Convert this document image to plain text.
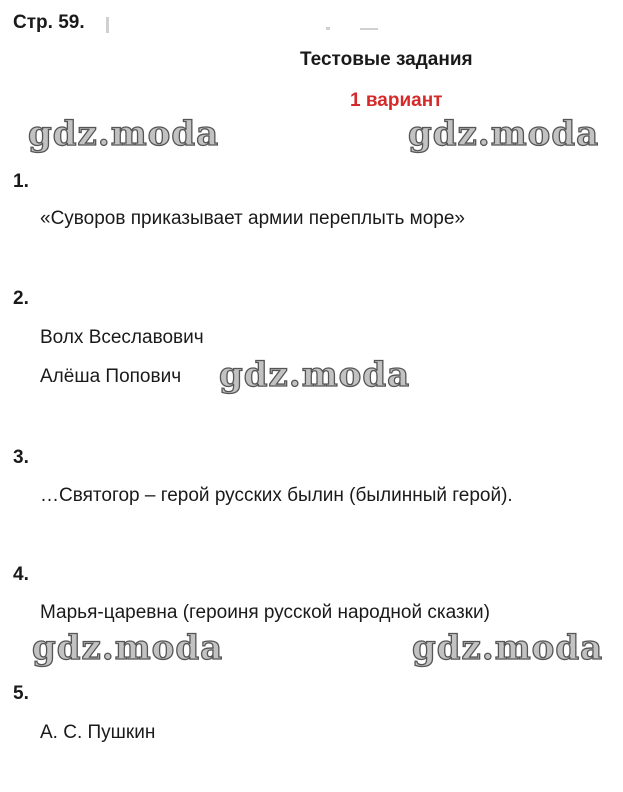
Стр. 59.
Тестовые задания
1 вариант
gdz.moda	gdz.moda
gdz.moda
gdz.moda	gdz.moda
1.
«Суворов приказывает армии переплыть море»
2.
Волх Всеславович
Алёша Попович
3.
…Святогор – герой русских былин (былинный герой).
4.
Марья-царевна (героиня русской народной сказки)
5.
А. С. Пушкин
